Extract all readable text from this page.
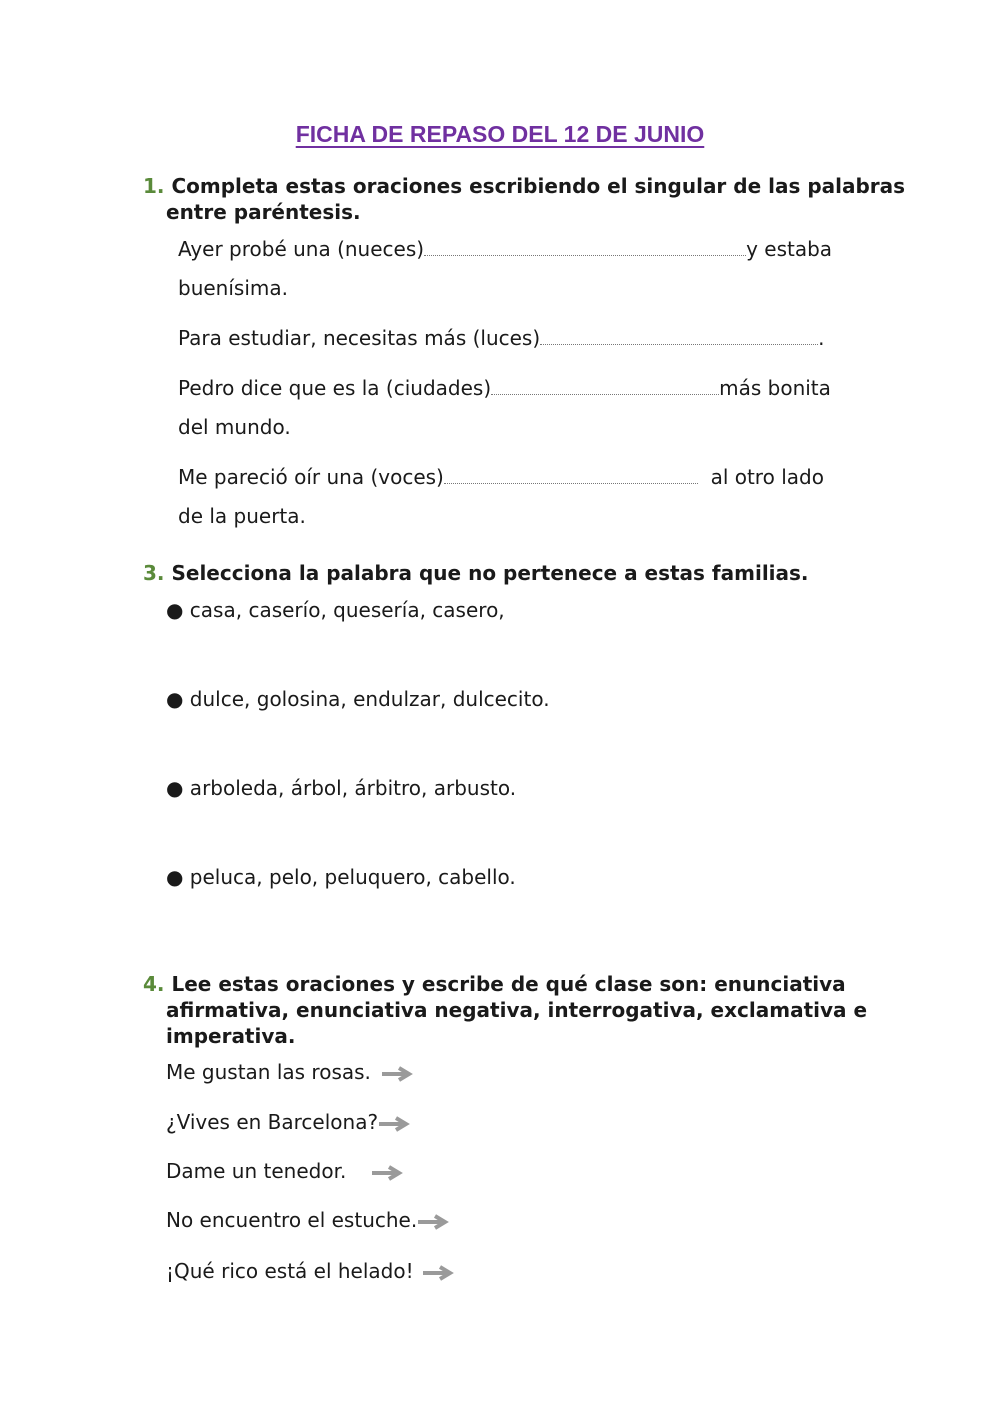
FICHA DE REPASO DEL 12 DE JUNIO
1. Completa estas oraciones escribiendo el singular de las palabras
entre paréntesis.
Ayer probé una (nueces)	y estaba
buenísima.
Para estudiar, necesitas más (luces)	.
Pedro dice que es la (ciudades)	más bonita
del mundo.
Me pareció oír una (voces)	al otro lado
de la puerta.
3. Selecciona la palabra que no pertenece a estas familias.
● casa, caserío, quesería, casero,
● dulce, golosina, endulzar, dulcecito.
● arboleda, árbol, árbitro, arbusto.
● peluca, pelo, peluquero, cabello.
4. Lee estas oraciones y escribe de qué clase son: enunciativa
afirmativa, enunciativa negativa, interrogativa, exclamativa e
imperativa.
Me gustan las rosas.
¿Vives en Barcelona?
Dame un tenedor.
No encuentro el estuche.
¡Qué rico está el helado!
